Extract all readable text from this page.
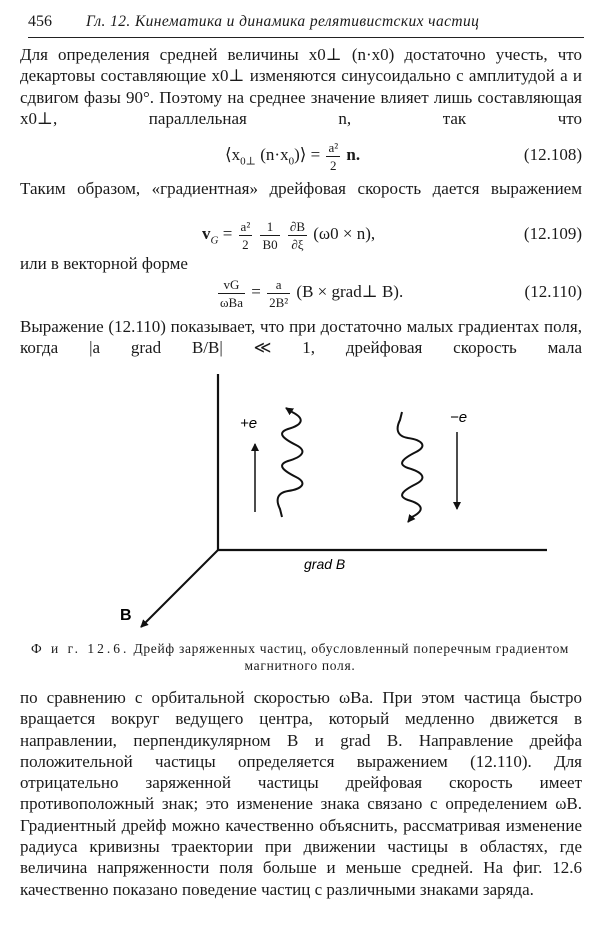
456 Гл. 12. Кинематика и динамика релятивистских частиц

Для определения средней величины x0⊥ (n·x0) достаточно учесть, что декартовы составляющие x0⊥ изменяются синусоидально с амплитудой a и сдвигом фазы 90°. Поэтому на среднее значение влияет лишь составляющая x0⊥, параллельная n, так что

$⟨x_{0\perp}$ $(n\cdot x_0)⟩ = \frac{\text{a²}}{2} n$.	(12.108)

Таким образом, «градиентная» дрейфовая скорость дается выражением

$v_G = \frac{\text{a²}}{2}$
$\frac{1}{B0}$
$\frac{\partial B}{\partial\xi} (\omega 0 \times n)$,	(12.109)

или в векторной форме

$\frac{vG}{\text{ωBa}} = \frac{a}{\text{2B²}} (B$ × grad⊥ B).	(12.110)

Выражение (12.110) показывает, что при достаточно малых градиентах поля, когда |a grad B/B| ≪ 1, дрейфовая скорость мала

+e	−e
grad B
B

Ф и г. 12.6. Дрейф заряженных частиц, обусловленный поперечным градиентом магнитного поля.

по сравнению с орбитальной скоростью ωBa. При этом частица быстро вращается вокруг ведущего центра, который медленно движется в направлении, перпендикулярном B и grad B. Направление дрейфа положительной частицы определяется выражением (12.110). Для отрицательно заряженной частицы дрейфовая скорость имеет противоположный знак; это изменение знака связано с определением ωB. Градиентный дрейф можно качественно объяснить, рассматривая изменение радиуса кривизны траектории при движении частицы в областях, где величина напряженности поля больше и меньше средней. На фиг. 12.6 качественно показано поведение частиц с различными знаками заряда.
